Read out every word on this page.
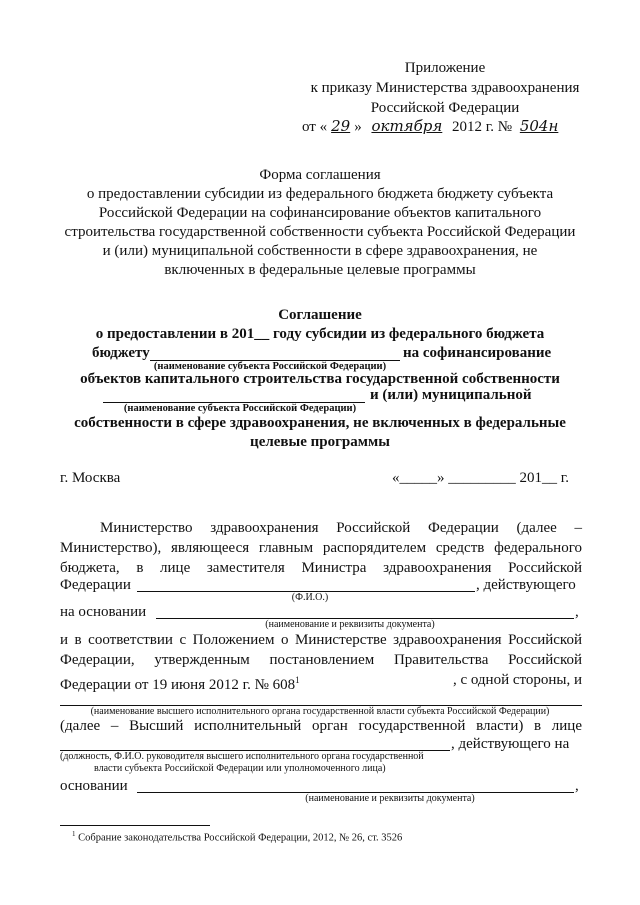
Приложение
к приказу Министерства здравоохранения
Российской Федерации
от « 29 » октября 2012 г. № 504н
Форма соглашения
о предоставлении субсидии из федерального бюджета бюджету субъекта
Российской Федерации на софинансирование объектов капитального
строительства государственной собственности субъекта Российской Федерации
и (или) муниципальной собственности в сфере здравоохранения, не
включенных в федеральные целевые программы
Соглашение
о предоставлении в 201__ году субсидии из федерального бюджета
бюджету	на софинансирование
(наименование субъекта Российской Федерации)
объектов капитального строительства государственной собственности
и (или) муниципальной
(наименование субъекта Российской Федерации)
собственности в сфере здравоохранения, не включенных в федеральные
целевые программы
г. Москва	«_____» _________ 201__ г.
Министерство здравоохранения Российской Федерации (далее –
Министерство), являющееся главным распорядителем средств федерального
бюджета, в лице заместителя Министра здравоохранения Российской
Федерации	, действующего
(Ф.И.О.)
на основании	,
(наименование и реквизиты документа)
и в соответствии с Положением о Министерстве здравоохранения Российской
Федерации, утвержденным постановлением Правительства Российской
Федерации от 19 июня 2012 г. № $608^1$	, с одной стороны, и
(наименование высшего исполнительного органа государственной власти субъекта Российской Федерации)
(далее – Высший исполнительный орган государственной власти) в лице
, действующего на
(должность, Ф.И.О. руководителя высшего исполнительного органа государственной
власти субъекта Российской Федерации или уполномоченного лица)
основании	,
(наименование и реквизиты документа)
$^1$ Собрание законодательства Российской Федерации, 2012, № 26, ст. 3526
